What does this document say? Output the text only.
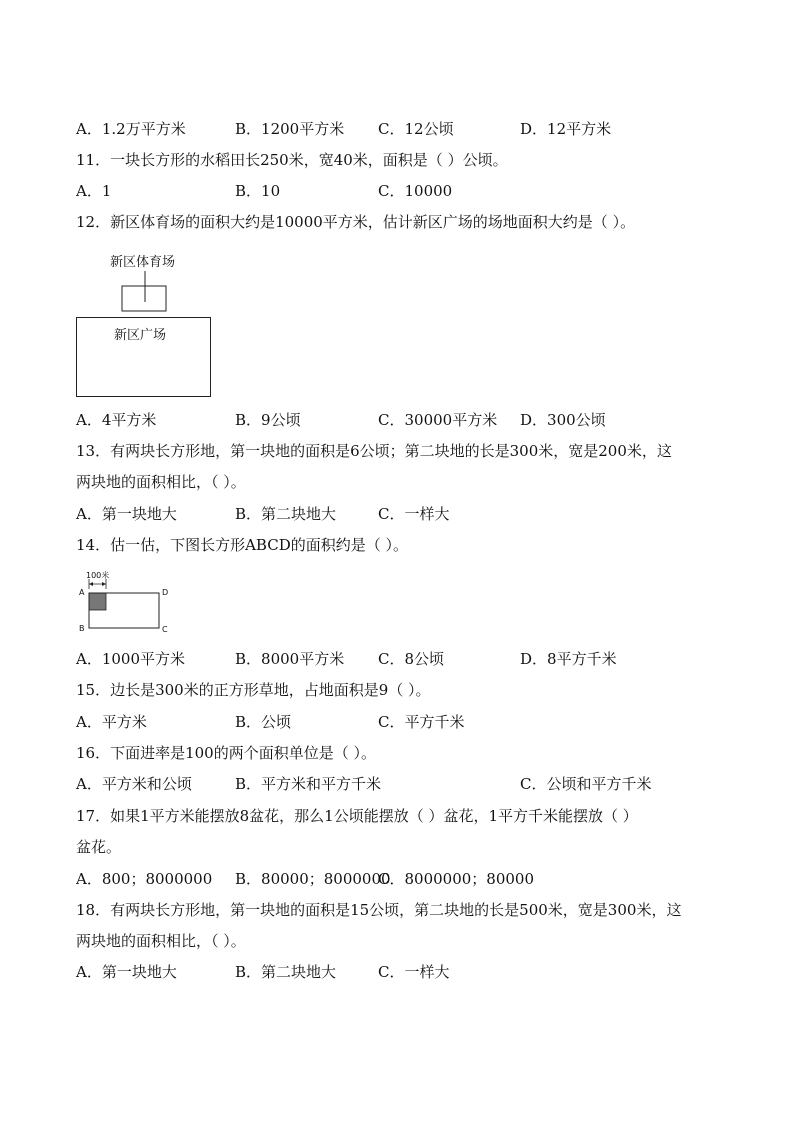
A．1.2万平方米	B．1200平方米 C．12公顷	D．12平方米
11．一块长方形的水稻田长250米，宽40米，面积是（ ）公顷。
A．1	B．10	C．10000
12．新区体育场的面积大约是10000平方米，估计新区广场的场地面积大约是（ ）。
新区体育场
新区广场
A．4平方米	B．9公顷	C．30000平方米 D．300公顷
13．有两块长方形地，第一块地的面积是6公顷；第二块地的长是300米，宽是200米，这
两块地的面积相比，（ ）。
A．第一块地大	B．第二块地大	C．一样大
14．估一估，下图长方形ABCD的面积约是（ ）。
100米
A
B	C
D
A．1000平方米	B．8000平方米 C．8公顷	D．8平方千米
15．边长是300米的正方形草地，占地面积是9（ ）。
A．平方米	B．公顷	C．平方千米
16．下面进率是100的两个面积单位是（ ）。
A．平方米和公顷	B．平方米和平方千米	C．公顷和平方千米
17．如果1平方米能摆放8盆花，那么1公顷能摆放（ ）盆花，1平方千米能摆放（ ）
盆花。
A．800；8000000 B．80000；8000000
C．8000000；80000
18．有两块长方形地，第一块地的面积是15公顷，第二块地的长是500米，宽是300米，这
两块地的面积相比，（ ）。
A．第一块地大	B．第二块地大	C．一样大
